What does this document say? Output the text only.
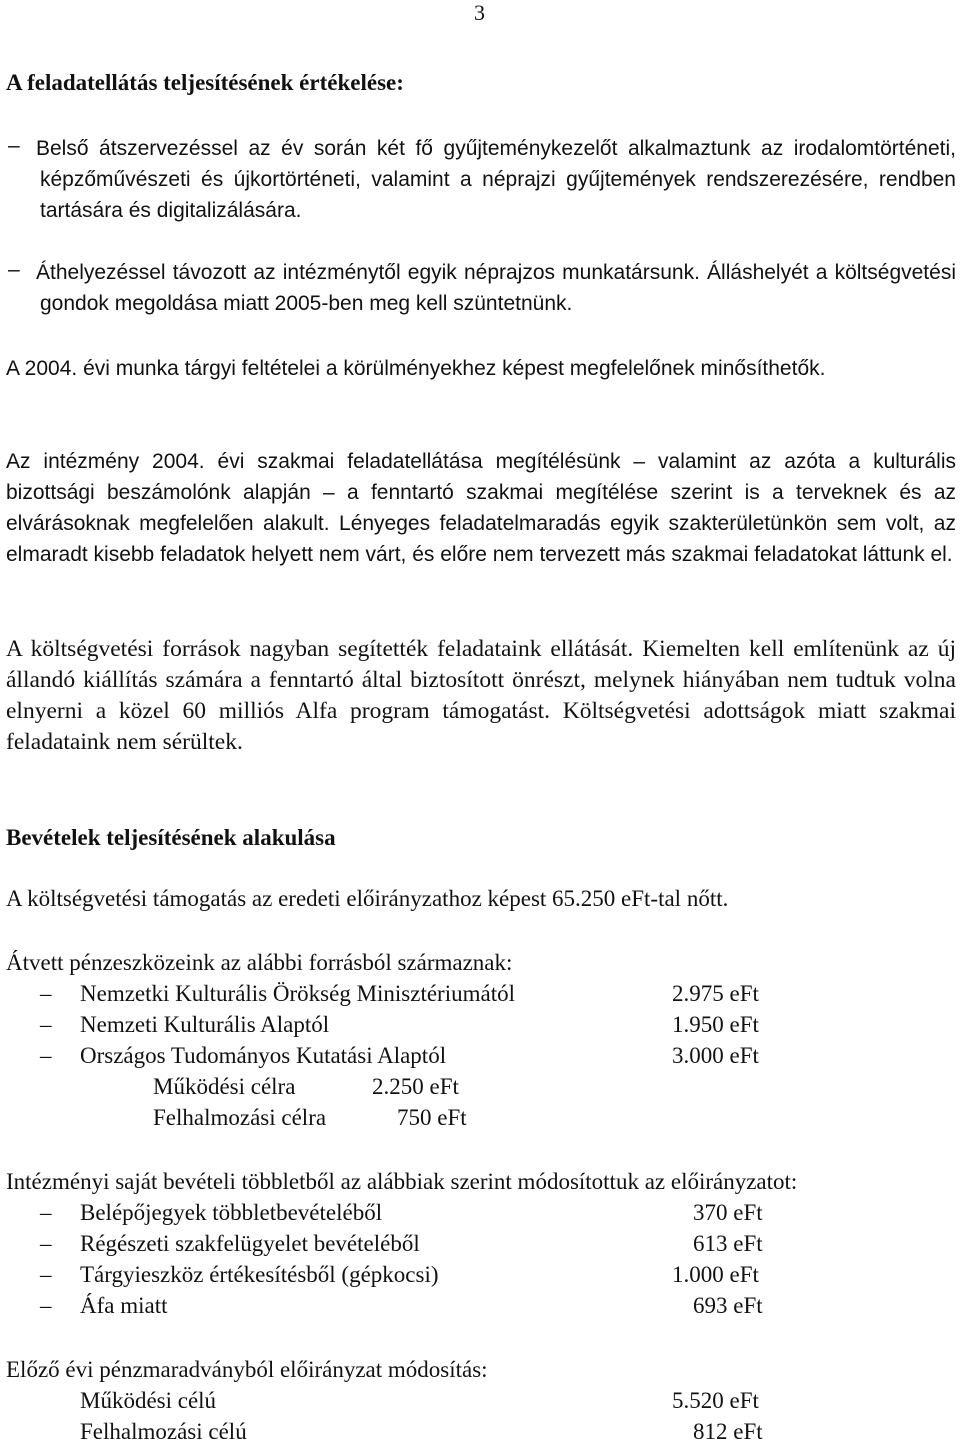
3
A feladatellátás teljesítésének értékelése:
– Belső átszervezéssel az év során két fő gyűjteménykezelőt alkalmaztunk az irodalomtörténeti, képzőművészeti és újkortörténeti, valamint a néprajzi gyűjtemények rendszerezésére, rendben tartására és digitalizálására.

– Áthelyezéssel távozott az intézménytől egyik néprajzos munkatársunk. Álláshelyét a költségvetési gondok megoldása miatt 2005-ben meg kell szüntetnünk.

A 2004. évi munka tárgyi feltételei a körülményekhez képest megfelelőnek minősíthetők.

Az intézmény 2004. évi szakmai feladatellátása megítélésünk – valamint az azóta a kulturális bizottsági beszámolónk alapján – a fenntartó szakmai megítélése szerint is a terveknek és az elvárásoknak megfelelően alakult. Lényeges feladatelmaradás egyik szakterületünkön sem volt, az elmaradt kisebb feladatok helyett nem várt, és előre nem tervezett más szakmai feladatokat láttunk el.

A költségvetési források nagyban segítették feladataink ellátását. Kiemelten kell említenünk az új állandó kiállítás számára a fenntartó által biztosított önrészt, melynek hiányában nem tudtuk volna elnyerni a közel 60 milliós Alfa program támogatást. Költségvetési adottságok miatt szakmai feladataink nem sérültek.

Bevételek teljesítésének alakulása
A költségvetési támogatás az eredeti előirányzathoz képest 65.250 eFt-tal nőtt.
Átvett pénzeszközeink az alábbi forrásból származnak:
– Nemzetki Kulturális Örökség Minisztériumától	2.975 eFt
– Nemzeti Kulturális Alaptól	1.950 eFt
– Országos Tudományos Kutatási Alaptól	3.000 eFt
Működési célra	2.250 eFt
Felhalmozási célra	750 eFt
Intézményi saját bevételi többletből az alábbiak szerint módosítottuk az előirányzatot:
– Belépőjegyek többletbevételéből	370 eFt
– Régészeti szakfelügyelet bevételéből	613 eFt
– Tárgyieszköz értékesítésből (gépkocsi)	1.000 eFt
– Áfa miatt	693 eFt
Előző évi pénzmaradványból előirányzat módosítás:
Működési célú	5.520 eFt
Felhalmozási célú	812 eFt
